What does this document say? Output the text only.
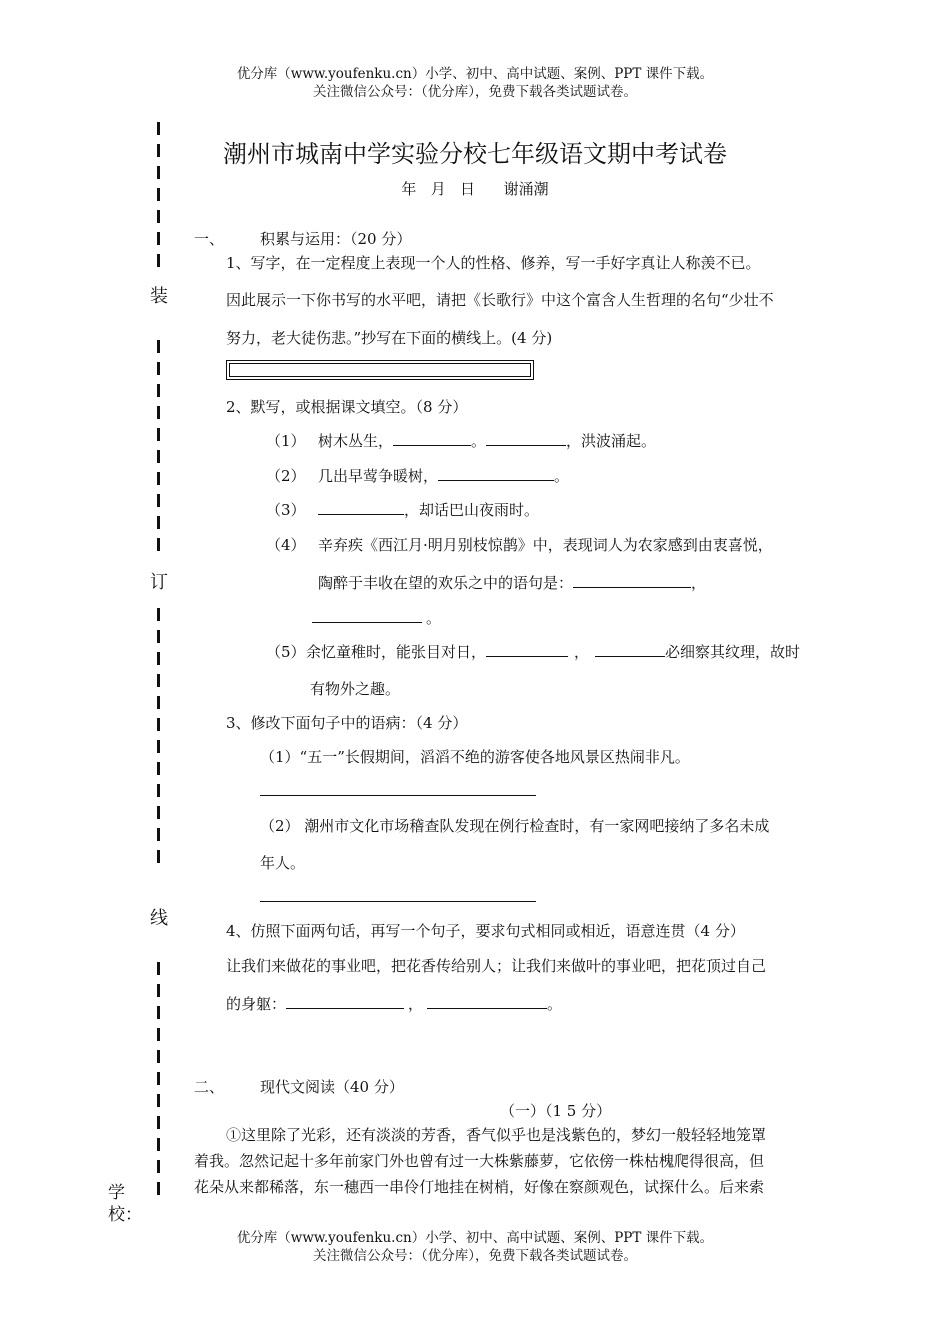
优分库（www.youfenku.cn）小学、初中、高中试题、案例、PPT 课件下载。
关注微信公众号：（优分库），免费下载各类试题试卷。
装
订
线
学
校：
潮州市城南中学实验分校七年级语文期中考试卷
年   月   日      谢涌潮
一、 积累与运用：（20 分）
1、写字，在一定程度上表现一个人的性格、修养，写一手好字真让人称羡不已。
因此展示一下你书写的水平吧，请把《长歌行》中这个富含人生哲理的名句“少壮不
努力，老大徒伤悲。”抄写在下面的横线上。(4 分)
2、默写，或根据课文填空。（8 分）
（1） 树木丛生，	。	，洪波涌起。
（2） 几出早莺争暖树，	。
（3）	，却话巴山夜雨时。
（4） 辛弃疾《西江月·明月别枝惊鹊》中，表现词人为农家感到由衷喜悦，
陶醉于丰收在望的欢乐之中的语句是：	，
。
（5） 余忆童稚时，能张目对日，	，	必细察其纹理，故时
有物外之趣。
3、修改下面句子中的语病：（4 分）
（1）“五一”长假期间，滔滔不绝的游客使各地风景区热闹非凡。
（2） 潮州市文化市场稽查队发现在例行检查时，有一家网吧接纳了多名未成
年人。
4、仿照下面两句话，再写一个句子，要求句式相同或相近，语意连贯（4 分）
让我们来做花的事业吧，把花香传给别人；让我们来做叶的事业吧，把花顶过自己
的身躯：	，	。
二、 现代文阅读（40 分）
（一）（1 5 分）
①这里除了光彩，还有淡淡的芳香，香气似乎也是浅紫色的，梦幻一般轻轻地笼罩
着我。忽然记起十多年前家门外也曾有过一大株紫藤萝，它依傍一株枯槐爬得很高，但
花朵从来都稀落，东一穗西一串伶仃地挂在树梢，好像在察颜观色，试探什么。后来索
优分库（www.youfenku.cn）小学、初中、高中试题、案例、PPT 课件下载。
关注微信公众号：（优分库），免费下载各类试题试卷。
